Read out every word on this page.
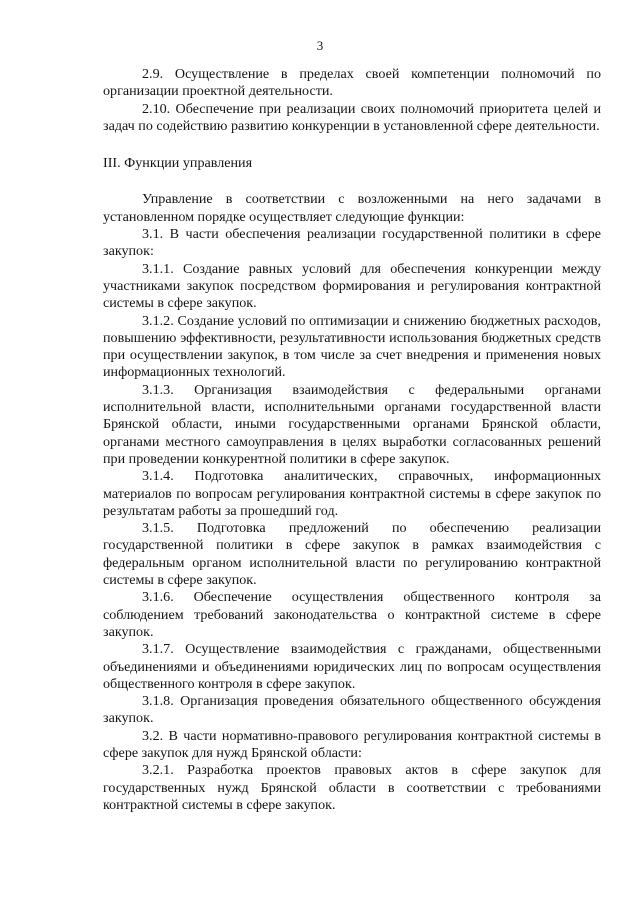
3

2.9. Осуществление в пределах своей компетенции полномочий по организации проектной деятельности.

2.10. Обеспечение при реализации своих полномочий приоритета целей и задач по содействию развитию конкуренции в установленной сфере деятельности.

III. Функции управления

Управление в соответствии с возложенными на него задачами в установленном порядке осуществляет следующие функции:

3.1. В части обеспечения реализации государственной политики в сфере закупок:

3.1.1. Создание равных условий для обеспечения конкуренции между участниками закупок посредством формирования и регулирования контрактной системы в сфере закупок.

3.1.2. Создание условий по оптимизации и снижению бюджетных расходов, повышению эффективности, результативности использования бюджетных средств при осуществлении закупок, в том числе за счет внедрения и применения новых информационных технологий.

3.1.3. Организация взаимодействия с федеральными органами исполнительной власти, исполнительными органами государственной власти Брянской области, иными государственными органами Брянской области, органами местного самоуправления в целях выработки согласованных решений при проведении конкурентной политики в сфере закупок.

3.1.4. Подготовка аналитических, справочных, информационных материалов по вопросам регулирования контрактной системы в сфере закупок по результатам работы за прошедший год.

3.1.5. Подготовка предложений по обеспечению реализации государственной политики в сфере закупок в рамках взаимодействия с федеральным органом исполнительной власти по регулированию контрактной системы в сфере закупок.

3.1.6. Обеспечение осуществления общественного контроля за соблюдением требований законодательства о контрактной системе в сфере закупок.

3.1.7. Осуществление взаимодействия с гражданами, общественными объединениями и объединениями юридических лиц по вопросам осуществления общественного контроля в сфере закупок.

3.1.8. Организация проведения обязательного общественного обсуждения закупок.

3.2. В части нормативно-правового регулирования контрактной системы в сфере закупок для нужд Брянской области:

3.2.1. Разработка проектов правовых актов в сфере закупок для государственных нужд Брянской области в соответствии с требованиями контрактной системы в сфере закупок.
